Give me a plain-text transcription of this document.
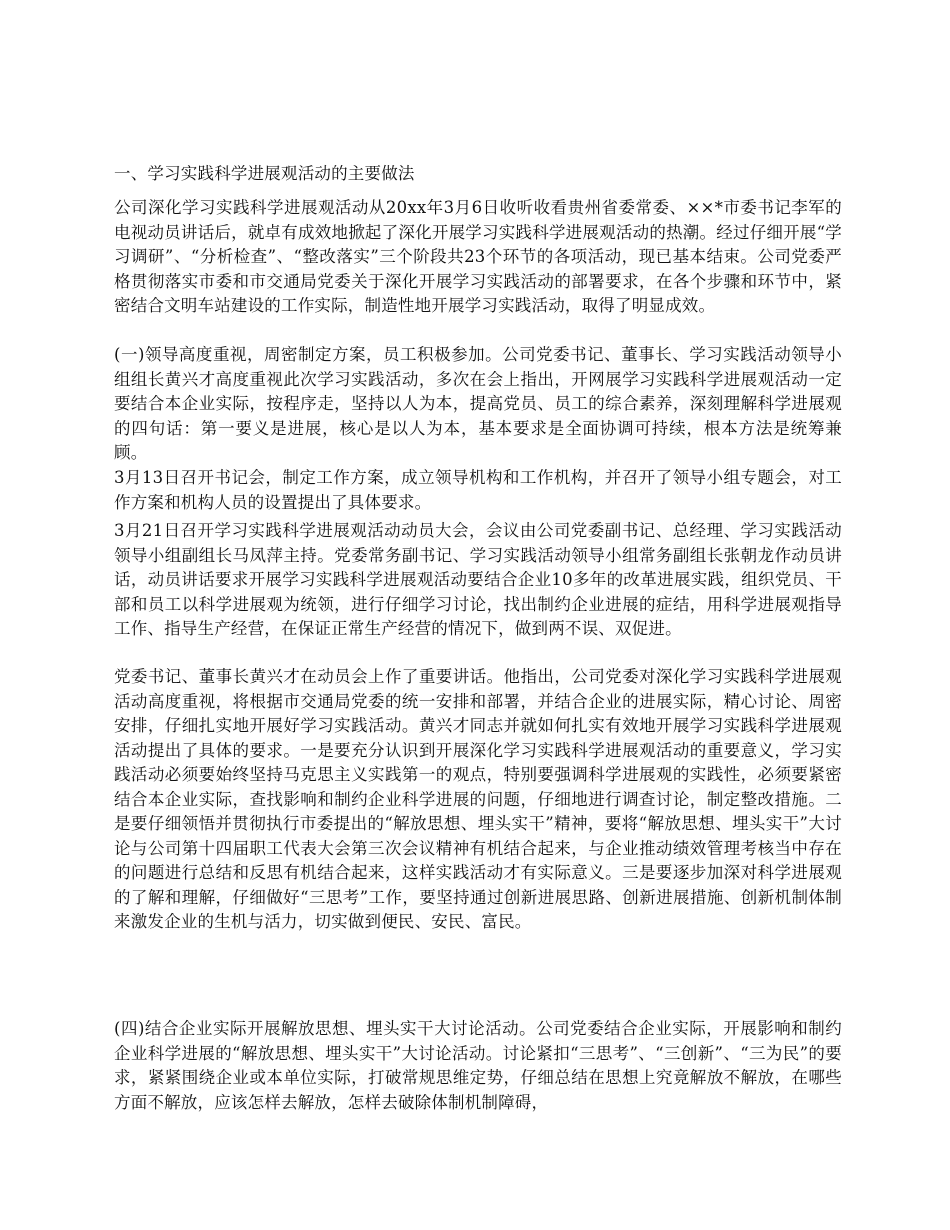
一、学习实践科学进展观活动的主要做法

公司深化学习实践科学进展观活动从20xx年3月6日收听收看贵州省委常委、××*市委书记李军的电视动员讲话后，就卓有成效地掀起了深化开展学习实践科学进展观活动的热潮。经过仔细开展“学习调研”、“分析检查”、“整改落实”三个阶段共23个环节的各项活动，现已基本结束。公司党委严格贯彻落实市委和市交通局党委关于深化开展学习实践活动的部署要求，在各个步骤和环节中，紧密结合文明车站建设的工作实际，制造性地开展学习实践活动，取得了明显成效。

(一)领导高度重视，周密制定方案，员工积极参加。公司党委书记、董事长、学习实践活动领导小组组长黄兴才高度重视此次学习实践活动，多次在会上指出，开网展学习实践科学进展观活动一定要结合本企业实际，按程序走，坚持以人为本，提高党员、员工的综合素养，深刻理解科学进展观的四句话：第一要义是进展，核心是以人为本，基本要求是全面协调可持续，根本方法是统筹兼顾。

3月13日召开书记会，制定工作方案，成立领导机构和工作机构，并召开了领导小组专题会，对工作方案和机构人员的设置提出了具体要求。

3月21日召开学习实践科学进展观活动动员大会，会议由公司党委副书记、总经理、学习实践活动领导小组副组长马凤萍主持。党委常务副书记、学习实践活动领导小组常务副组长张朝龙作动员讲话，动员讲话要求开展学习实践科学进展观活动要结合企业10多年的改革进展实践，组织党员、干部和员工以科学进展观为统领，进行仔细学习讨论，找出制约企业进展的症结，用科学进展观指导工作、指导生产经营，在保证正常生产经营的情况下，做到两不误、双促进。

党委书记、董事长黄兴才在动员会上作了重要讲话。他指出，公司党委对深化学习实践科学进展观活动高度重视，将根据市交通局党委的统一安排和部署，并结合企业的进展实际，精心讨论、周密安排，仔细扎实地开展好学习实践活动。黄兴才同志并就如何扎实有效地开展学习实践科学进展观活动提出了具体的要求。一是要充分认识到开展深化学习实践科学进展观活动的重要意义，学习实践活动必须要始终坚持马克思主义实践第一的观点，特别要强调科学进展观的实践性，必须要紧密结合本企业实际，查找影响和制约企业科学进展的问题，仔细地进行调查讨论，制定整改措施。二是要仔细领悟并贯彻执行市委提出的“解放思想、埋头实干”精神，要将“解放思想、埋头实干”大讨论与公司第十四届职工代表大会第三次会议精神有机结合起来，与企业推动绩效管理考核当中存在的问题进行总结和反思有机结合起来，这样实践活动才有实际意义。三是要逐步加深对科学进展观的了解和理解，仔细做好“三思考”工作，要坚持通过创新进展思路、创新进展措施、创新机制体制来激发企业的生机与活力，切实做到便民、安民、富民。

(四)结合企业实际开展解放思想、埋头实干大讨论活动。公司党委结合企业实际，开展影响和制约企业科学进展的“解放思想、埋头实干”大讨论活动。讨论紧扣“三思考”、“三创新”、“三为民”的要求，紧紧围绕企业或本单位实际，打破常规思维定势，仔细总结在思想上究竟解放不解放，在哪些方面不解放，应该怎样去解放，怎样去破除体制机制障碍，
